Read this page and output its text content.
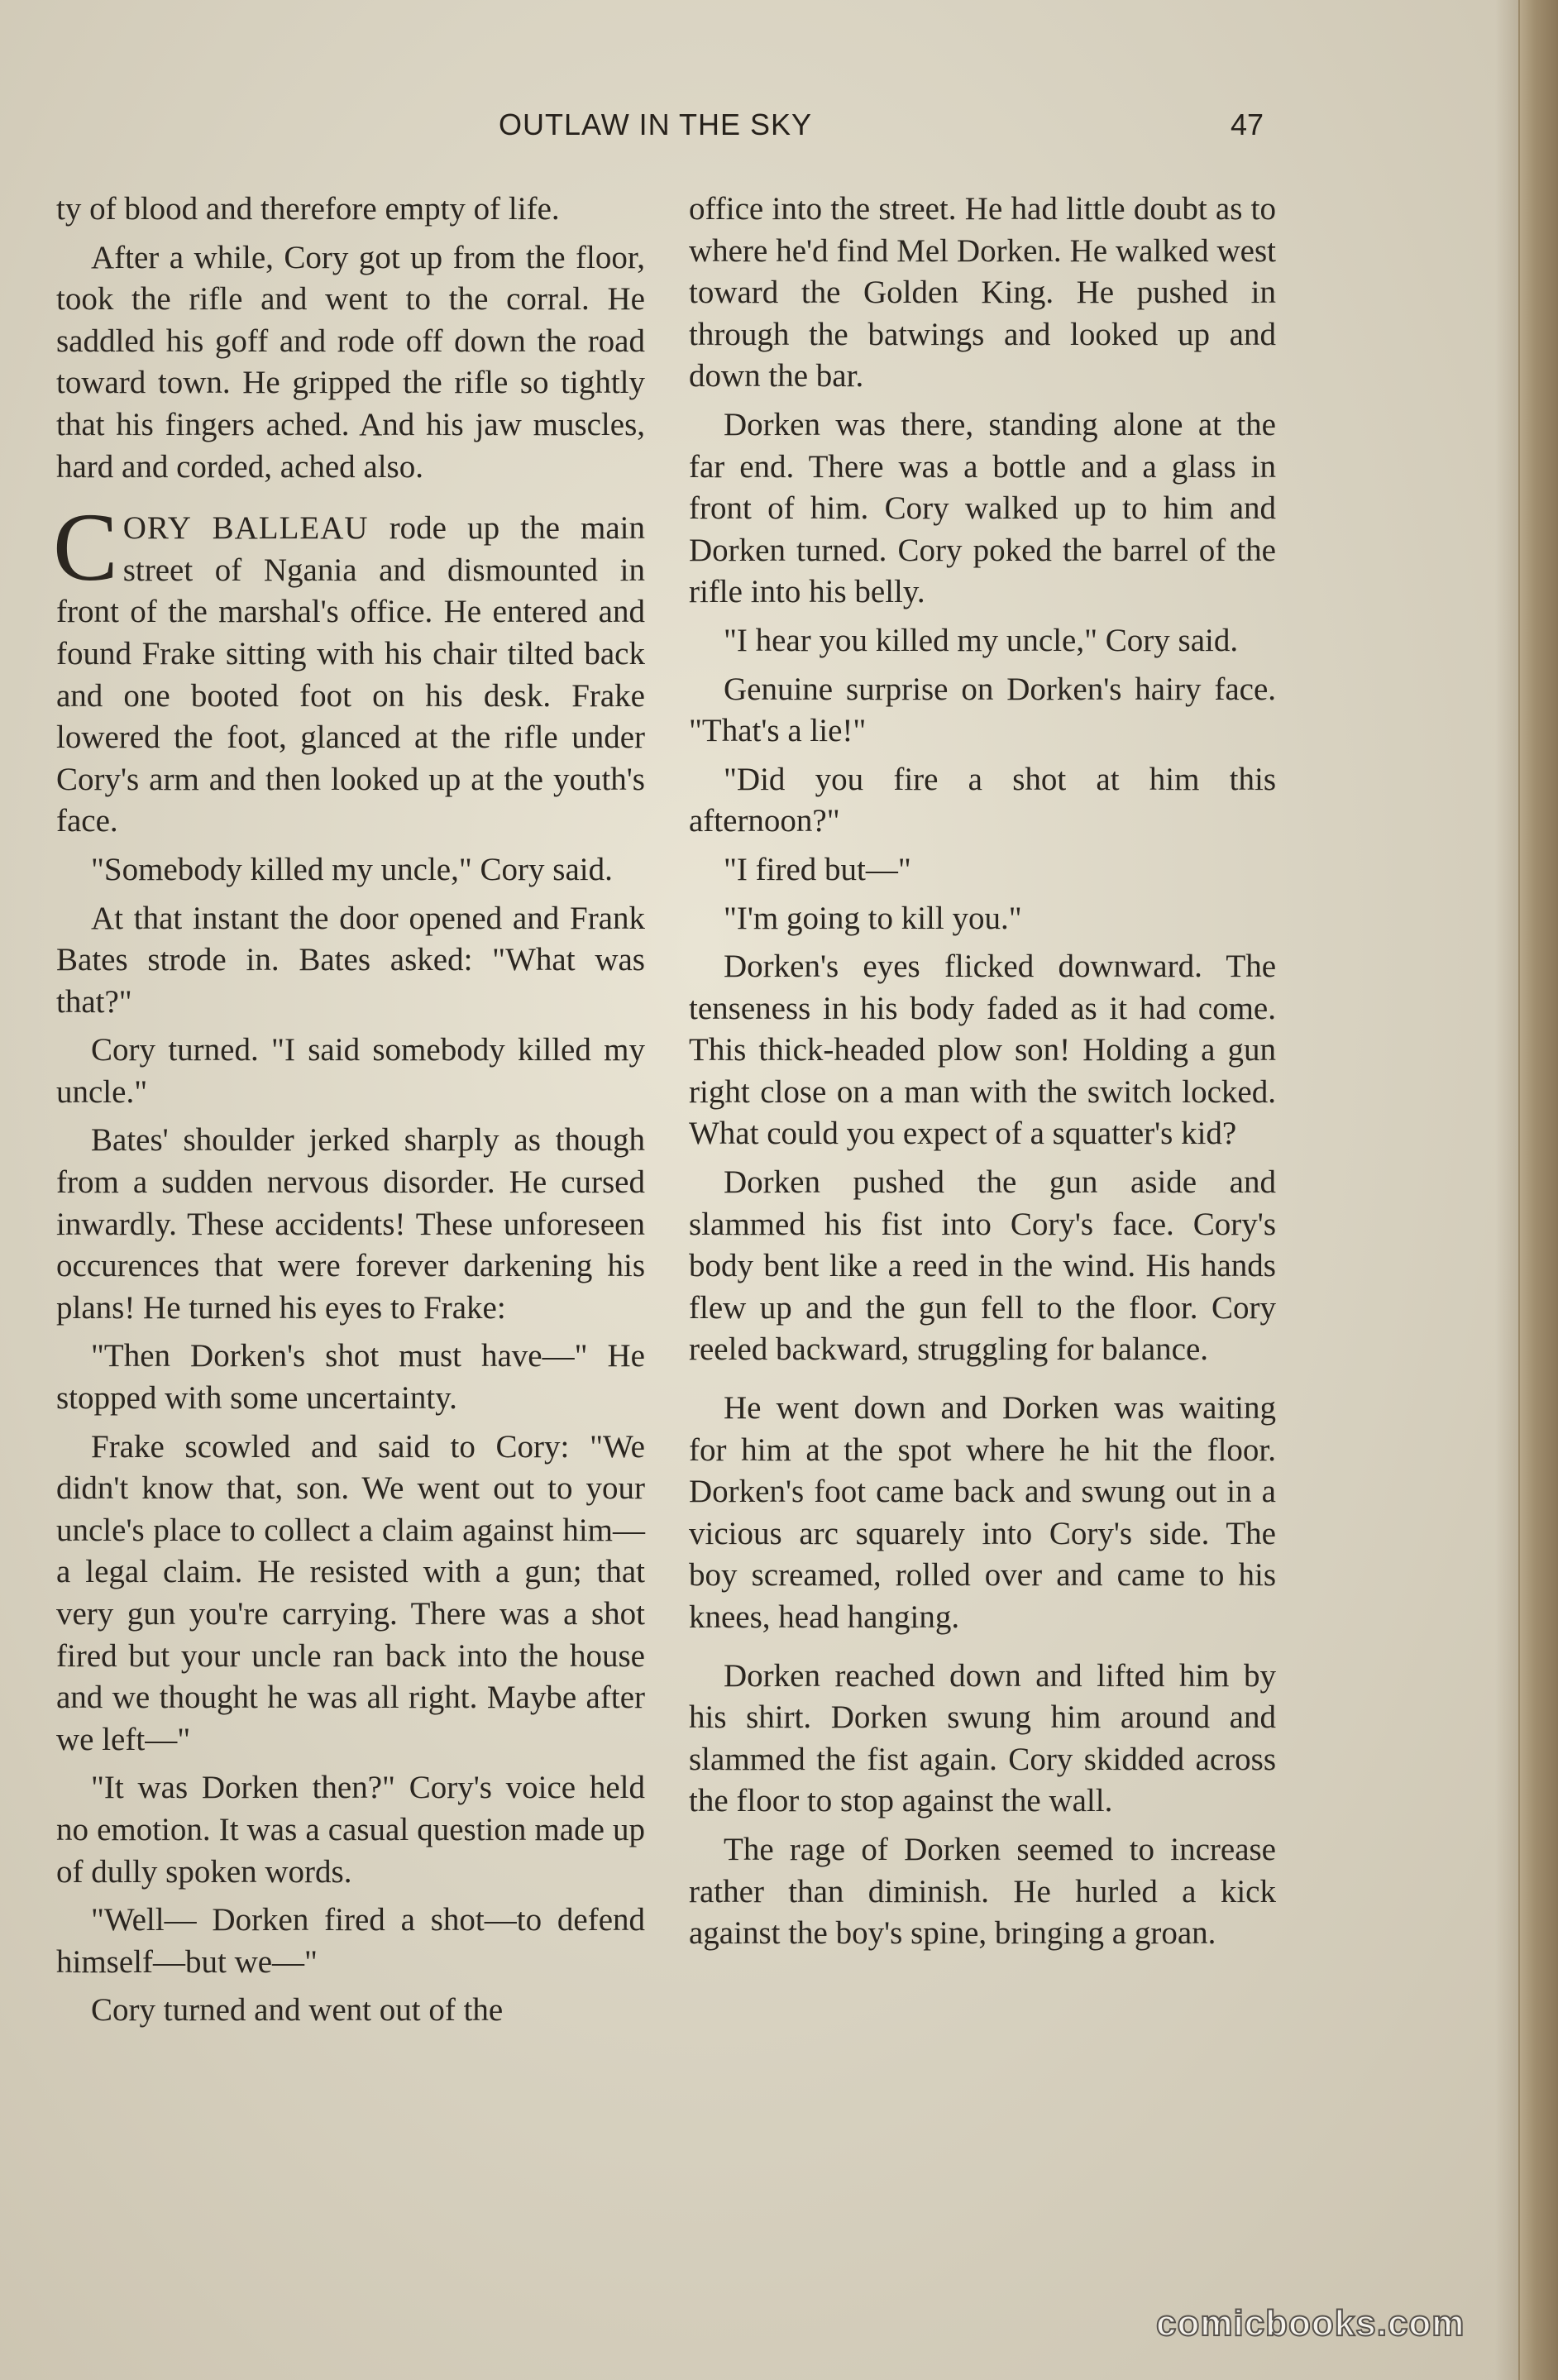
OUTLAW IN THE SKY	47

ty of blood and therefore empty of life.

After a while, Cory got up from the floor, took the rifle and went to the corral. He saddled his goff and rode off down the road toward town. He gripped the rifle so tightly that his fingers ached. And his jaw muscles, hard and corded, ached also.

CORY BALLEAU rode up the main street of Ngania and dismounted in front of the marshal's office. He entered and found Frake sitting with his chair tilted back and one booted foot on his desk. Frake lowered the foot, glanced at the rifle under Cory's arm and then looked up at the youth's face.

"Somebody killed my uncle," Cory said.

At that instant the door opened and Frank Bates strode in. Bates asked: "What was that?"

Cory turned. "I said somebody killed my uncle."

Bates' shoulder jerked sharply as though from a sudden nervous disorder. He cursed inwardly. These accidents! These unforeseen occurences that were forever darkening his plans! He turned his eyes to Frake:

"Then Dorken's shot must have—" He stopped with some uncertainty.

Frake scowled and said to Cory: "We didn't know that, son. We went out to your uncle's place to collect a claim against him—a legal claim. He resisted with a gun; that very gun you're carrying. There was a shot fired but your uncle ran back into the house and we thought he was all right. Maybe after we left—"

"It was Dorken then?" Cory's voice held no emotion. It was a casual question made up of dully spoken words.

"Well— Dorken fired a shot—to defend himself—but we—"

Cory turned and went out of the

office into the street. He had little doubt as to where he'd find Mel Dorken. He walked west toward the Golden King. He pushed in through the batwings and looked up and down the bar.

Dorken was there, standing alone at the far end. There was a bottle and a glass in front of him. Cory walked up to him and Dorken turned. Cory poked the barrel of the rifle into his belly.

"I hear you killed my uncle," Cory said.

Genuine surprise on Dorken's hairy face. "That's a lie!"

"Did you fire a shot at him this afternoon?"

"I fired but—"

"I'm going to kill you."

Dorken's eyes flicked downward. The tenseness in his body faded as it had come. This thick-headed plow son! Holding a gun right close on a man with the switch locked. What could you expect of a squatter's kid?

Dorken pushed the gun aside and slammed his fist into Cory's face. Cory's body bent like a reed in the wind. His hands flew up and the gun fell to the floor. Cory reeled backward, struggling for balance.

He went down and Dorken was waiting for him at the spot where he hit the floor. Dorken's foot came back and swung out in a vicious arc squarely into Cory's side. The boy screamed, rolled over and came to his knees, head hanging.

Dorken reached down and lifted him by his shirt. Dorken swung him around and slammed the fist again. Cory skidded across the floor to stop against the wall.

The rage of Dorken seemed to increase rather than diminish. He hurled a kick against the boy's spine, bringing a groan.

comicbooks.com
